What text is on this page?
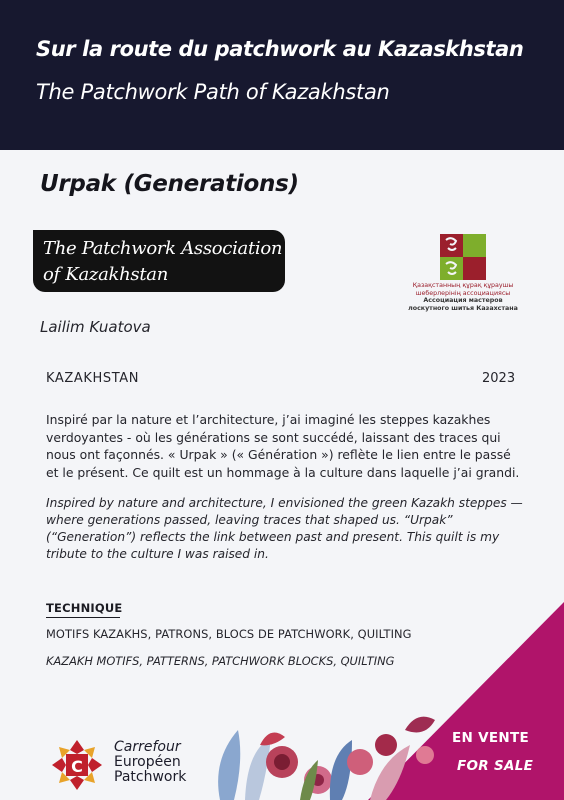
Sur la route du patchwork au Kazaskhstan
The Patchwork Path of Kazakhstan
Urpak (Generations)
The Patchwork Association
of Kazakhstan
Қазақстанның құрақ құраушы
шеберлерінің ассоциациясы
Ассоциация мастеров
лоскутного шитья Казахстана
Lailim Kuatova
KAZAKHSTAN	2023
Inspiré par la nature et l’architecture, j’ai imaginé les steppes kazakhes verdoyantes - où les générations se sont succédé, laissant des traces qui nous ont façonnés. « Urpak » (« Génération ») reflète le lien entre le passé et le présent. Ce quilt est un hommage à la culture dans laquelle j’ai grandi.
Inspired by nature and architecture, I envisioned the green Kazakh steppes — where generations passed, leaving traces that shaped us. “Urpak” (“Generation”) reflects the link between past and present. This quilt is my tribute to the culture I was raised in.
TECHNIQUE
MOTIFS KAZAKHS, PATRONS, BLOCS DE PATCHWORK, QUILTING
KAZAKH MOTIFS, PATTERNS, PATCHWORK BLOCKS, QUILTING
EN VENTE
FOR SALE
C
Carrefour
Européen
Patchwork
